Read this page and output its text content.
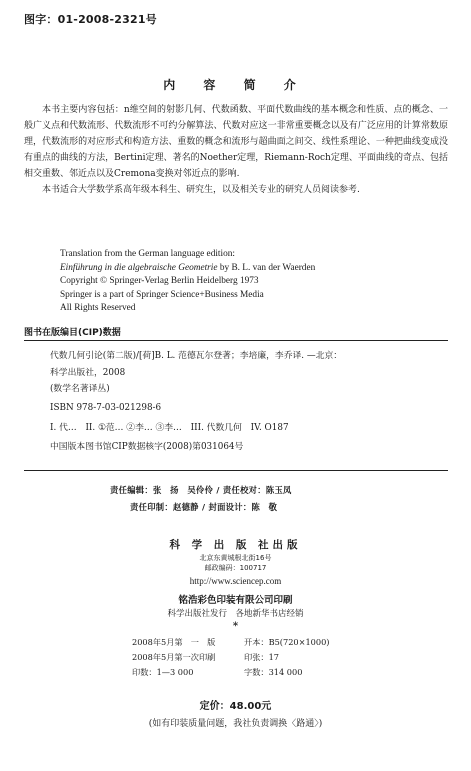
图字：01-2008-2321号
内 容 简 介

本书主要内容包括：n维空间的射影几何、代数函数、平面代数曲线的基本概念和性质、点的概念、一般广义点和代数流形、代数流形不可约分解算法、代数对应这一非常重要概念以及有广泛应用的计算常数原理，代数流形的对应形式和构造方法、重数的概念和流形与超曲面之间交、线性系理论、一种把曲线变成没有重点的曲线的方法，Bertini定理、著名的Noether定理，Riemann-Roch定理、平面曲线的奇点、包括相交重数、邻近点以及Cremona变换对邻近点的影响.

本书适合大学数学系高年级本科生、研究生，以及相关专业的研究人员阅读参考.

Translation from the German language edition:
Einführung in die algebraische Geometrie by B. L. van der Waerden
Copyright © Springer-Verlag Berlin Heidelberg 1973
Springer is a part of Springer Science+Business Media
All Rights Reserved
图书在版编目(CIP)数据
代数几何引论(第二版)/[荷]B. L. 范德瓦尔登著；李培廉，李乔译. —北京：
科学出版社，2008
(数学名著译丛)
ISBN 978-7-03-021298-6
I. 代…　II. ①范… ②李… ③李…　III. 代数几何　IV. O187
中国版本图书馆CIP数据核字(2008)第031064号
责任编辑：张　扬　吴伶伶 / 责任校对：陈玉凤
责任印制：赵德静 / 封面设计：陈　敬
科 学 出 版 社出版
北京东黄城根北街16号
邮政编码：100717
http://www.sciencep.com
铭浩彩色印装有限公司印刷
科学出版社发行　各地新华书店经销
*
2008年5月第　一　版	开本：B5(720×1000)
2008年5月第一次印刷	印张：17
印数：1—3 000	字数：314 000
定价：48.00元
(如有印装质量问题，我社负责调换〈路通〉)
